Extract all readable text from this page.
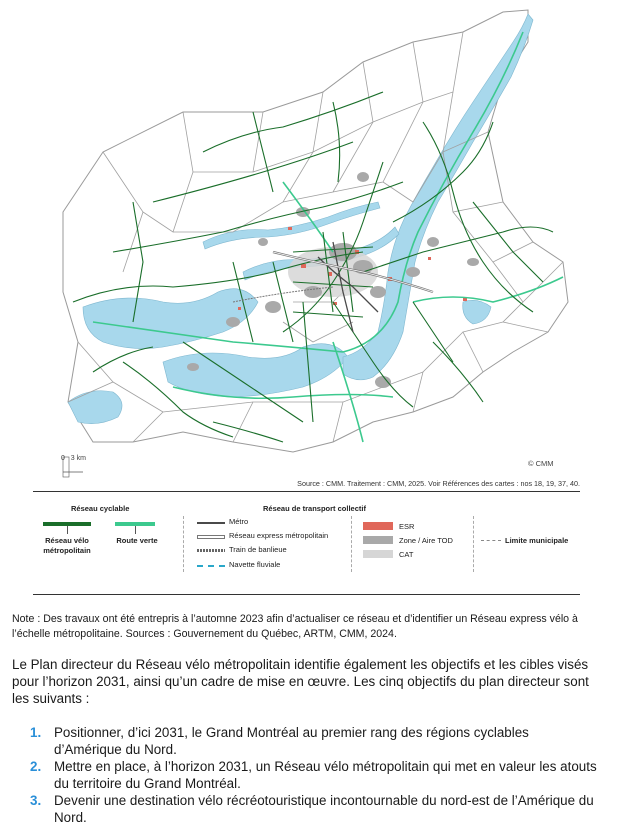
0 3 km
© CMM
Source : CMM. Traitement : CMM, 2025. Voir Références des cartes : nos 18, 19, 37, 40.
Réseau cyclable
Réseau vélo métropolitain
Route verte
Réseau de transport collectif
Métro
Réseau express métropolitain
Train de banlieue
Navette fluviale
ESR
Zone / Aire TOD
CAT
Limite municipale
Note : Des travaux ont été entrepris à l’automne 2023 afin d’actualiser ce réseau et d’identifier un Réseau express vélo à l’échelle métropolitaine. Sources : Gouvernement du Québec, ARTM, CMM, 2024.
Le Plan directeur du Réseau vélo métropolitain identifie également les objectifs et les cibles visés pour l’horizon 2031, ainsi qu’un cadre de mise en œuvre. Les cinq objectifs du plan directeur sont les suivants :
1. Positionner, d’ici 2031, le Grand Montréal au premier rang des régions cyclables d’Amérique du Nord.
2. Mettre en place, à l’horizon 2031, un Réseau vélo métropolitain qui met en valeur les atouts du territoire du Grand Montréal.
3. Devenir une destination vélo récréotouristique incontournable du nord-est de l’Amérique du Nord.
